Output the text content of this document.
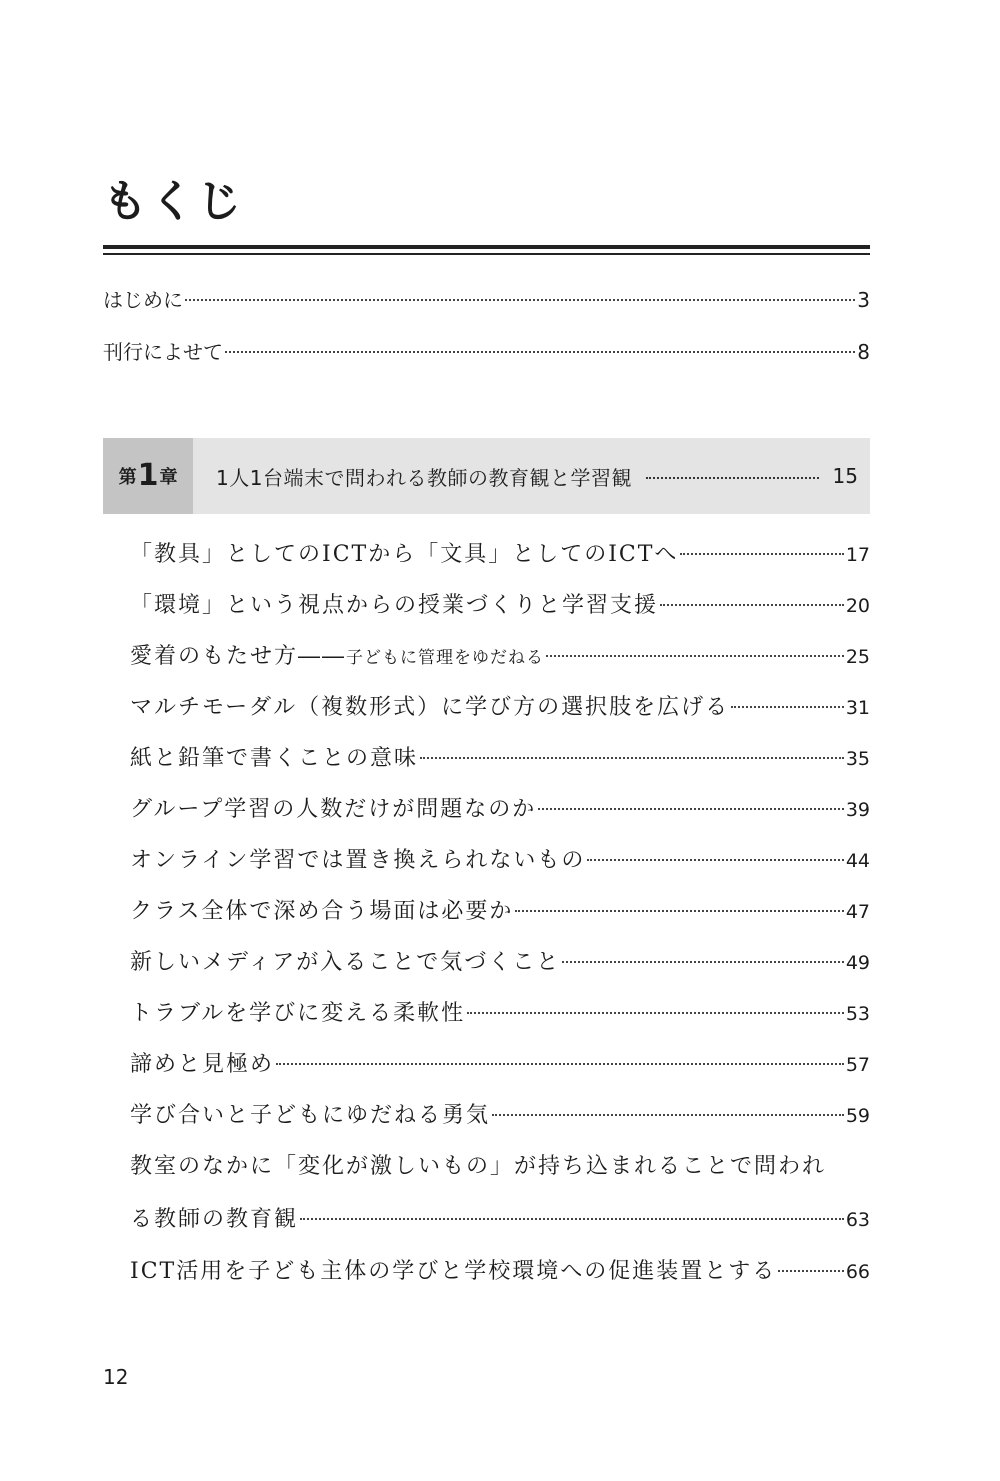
もくじ
はじめに	3
刊行によせて	8
第 1 章 1人1台端末で問われる教師の教育観と学習観	15
「教具」としてのICTから「文具」としてのICTへ	17
「環境」という視点からの授業づくりと学習支援	20
愛着のもたせ方――子どもに管理をゆだねる	25
マルチモーダル（複数形式）に学び方の選択肢を広げる	31
紙と鉛筆で書くことの意味	35
グループ学習の人数だけが問題なのか	39
オンライン学習では置き換えられないもの	44
クラス全体で深め合う場面は必要か	47
新しいメディアが入ることで気づくこと	49
トラブルを学びに変える柔軟性	53
諦めと見極め	57
学び合いと子どもにゆだねる勇気	59
教室のなかに「変化が激しいもの」が持ち込まれることで問われ
る教師の教育観	63
ICT活用を子ども主体の学びと学校環境への促進装置とする	66
12
